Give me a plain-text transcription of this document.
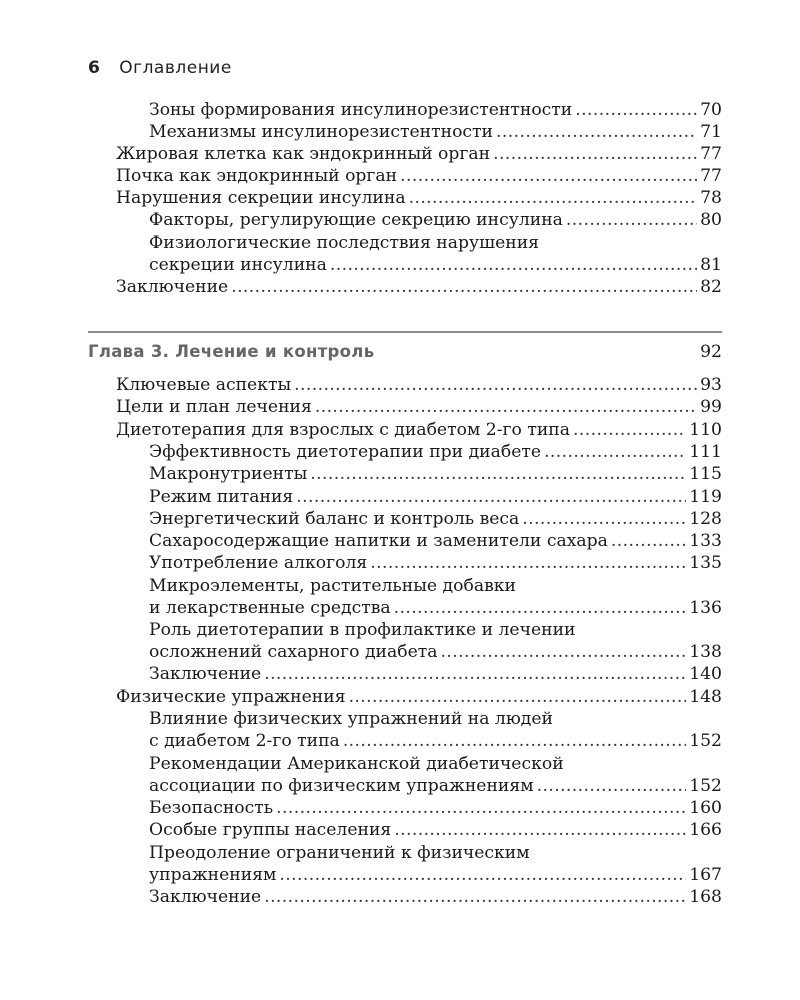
6 Оглавление
Зоны формирования инсулинорезистентности .....	70
Механизмы инсулинорезистентности .....	71
Жировая клетка как эндокринный орган .....	77
Почка как эндокринный орган .....	77
Нарушения секреции инсулина .....	78
Факторы, регулирующие секрецию инсулина .....	80
Физиологические последствия нарушения
секреции инсулина .....	81
Заключение .....	82
Глава 3. Лечение и контроль	92
Ключевые аспекты .....	93
Цели и план лечения .....	99
Диетотерапия для взрослых с диабетом 2-го типа .....	110
Эффективность диетотерапии при диабете .....	111
Макронутриенты .....	115
Режим питания .....	119
Энергетический баланс и контроль веса .....	128
Сахаросодержащие напитки и заменители сахара .....	133
Употребление алкоголя .....	135
Микроэлементы, растительные добавки
и лекарственные средства .....	136
Роль диетотерапии в профилактике и лечении
осложнений сахарного диабета .....	138
Заключение .....	140
Физические упражнения .....	148
Влияние физических упражнений на людей
с диабетом 2-го типа .....	152
Рекомендации Американской диабетической
ассоциации по физическим упражнениям .....	152
Безопасность .....	160
Особые группы населения .....	166
Преодоление ограничений к физическим
упражнениям .....	167
Заключение .....	168
